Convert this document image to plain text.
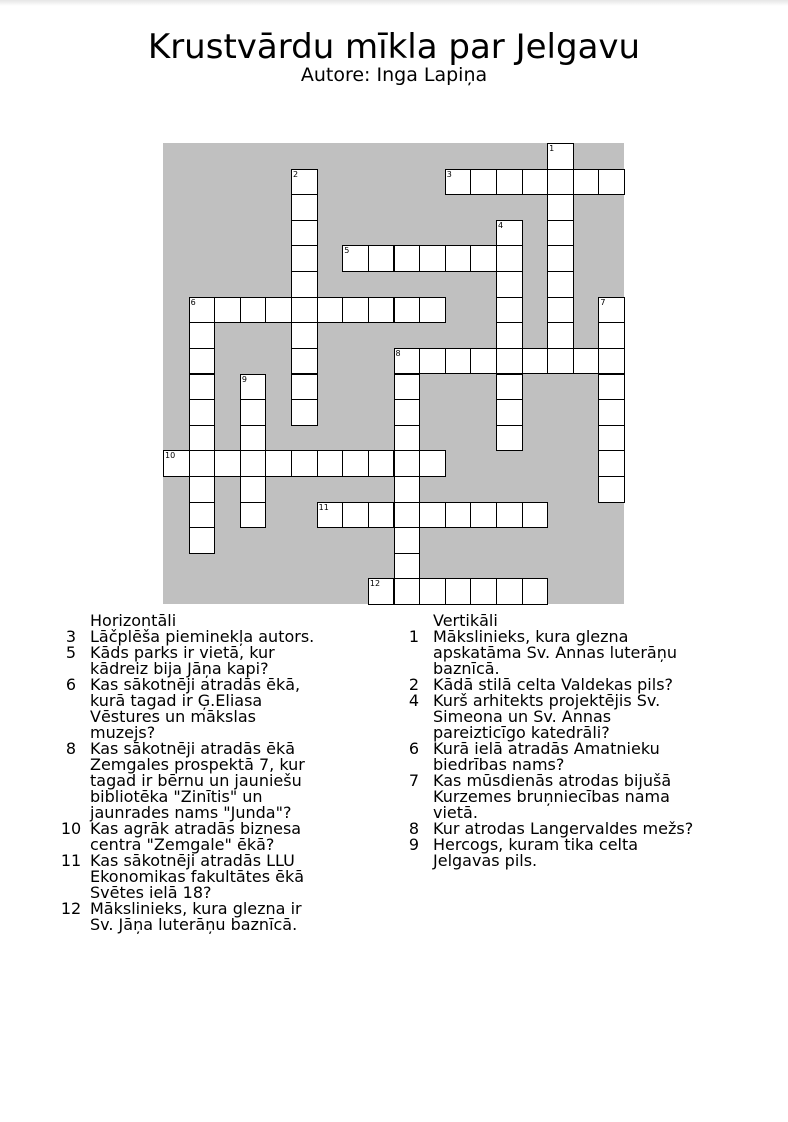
Krustvārdu mīkla par Jelgavu
Autore: Inga Lapiņa
1
2	3
4
5
6	7
8
9
10
11
12
Horizontāli
3 Lāčplēša pieminekļa autors.
5 Kāds parks ir vietā, kur kādreiz bija Jāņa kapi?
6 Kas sākotnēji atradās ēkā, kurā tagad ir Ģ.Eliasa Vēstures un mākslas muzejs?
8 Kas sākotnēji atradās ēkā Zemgales prospektā 7, kur tagad ir bērnu un jauniešu bibliotēka "Zinītis" un jaunrades nams "Junda"?
10 Kas agrāk atradās biznesa centra "Zemgale" ēkā?
11 Kas sākotnēji atradās LLU Ekonomikas fakultātes ēkā Svētes ielā 18?
12 Mākslinieks, kura glezna ir Sv. Jāņa luterāņu baznīcā.
Vertikāli
1 Mākslinieks, kura glezna apskatāma Sv. Annas luterāņu baznīcā.
2 Kādā stilā celta Valdekas pils?
4 Kurš arhitekts projektējis Sv. Simeona un Sv. Annas pareizticīgo katedrāli?
6 Kurā ielā atradās Amatnieku biedrības nams?
7 Kas mūsdienās atrodas bijušā Kurzemes bruņniecības nama vietā.
8 Kur atrodas Langervaldes mežs?
9 Hercogs, kuram tika celta Jelgavas pils.
